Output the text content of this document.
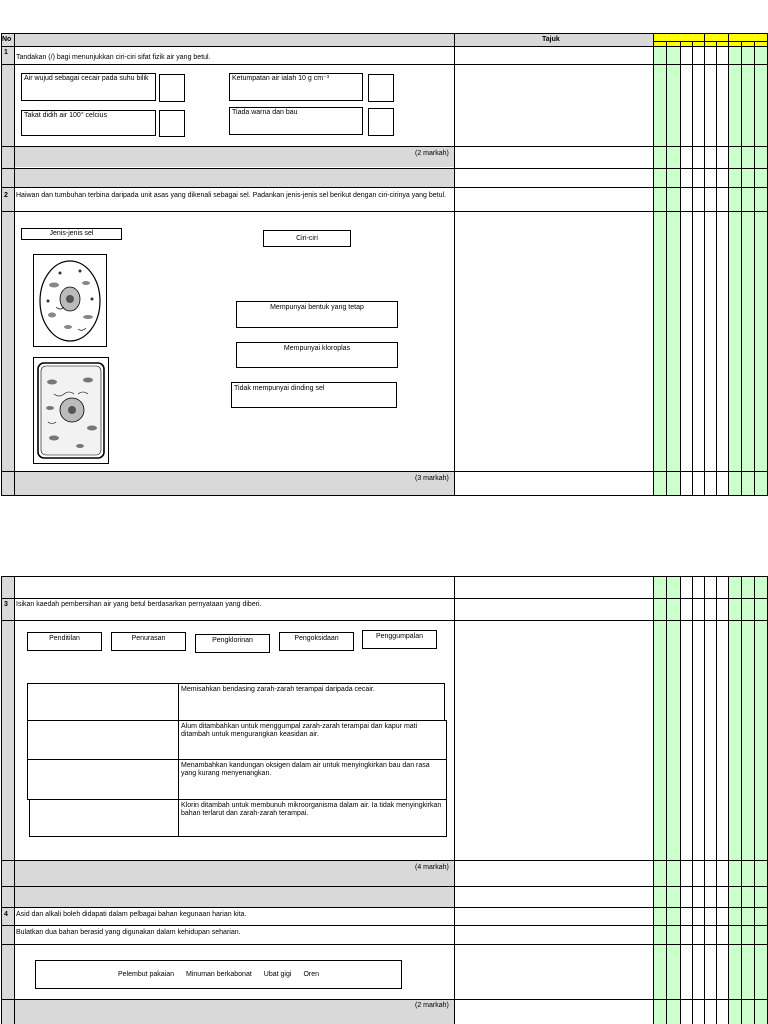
No	Tajuk
1
Tandakan (/) bagi menunjukkan ciri-ciri sifat fizik air yang betul.
Air wujud sebagai cecair pada suhu bilik	Ketumpatan air ialah 10 g cm⁻³
Takat didih air 100° celcius	Tiada warna dan bau
(2 markah)
2 Haiwan dan tumbuhan terbina daripada unit asas yang dikenali sebagai sel. Padankan jenis-jenis sel berikut dengan ciri-cirinya yang betul.
Jenis-jenis sel
Ciri-ciri
Mempunyai bentuk yang tetap
Mempunyai kloroplas
Tidak mempunyai dinding sel
(3 markah)
3 Isikan kaedah pembersihan air yang betul berdasarkan pernyataan yang diberi.
Penditilan	Penurasan	Pengklorinan	Pengoksidaan	Penggumpalan
Memisahkan bendasing zarah-zarah terampai daripada cecair.
Alum ditambahkan untuk menggumpal zarah-zarah terampai dan kapur mati ditambah untuk mengurangkan keasidan air.
Menambahkan kandungan oksigen dalam air untuk menyingkirkan bau dan rasa yang kurang menyenangkan.
Klorin ditambah untuk membunuh mikroorganisma dalam air. Ia tidak menyingkirkan bahan terlarut dan zarah-zarah terampai.
(4 markah)
4 Asid dan alkali boleh didapati dalam pelbagai bahan kegunaan harian kita.
Bulatkan dua bahan berasid yang digunakan dalam kehidupan seharian.
Pelembut pakaian Minuman berkabonat Ubat gigi Oren
(2 markah)
